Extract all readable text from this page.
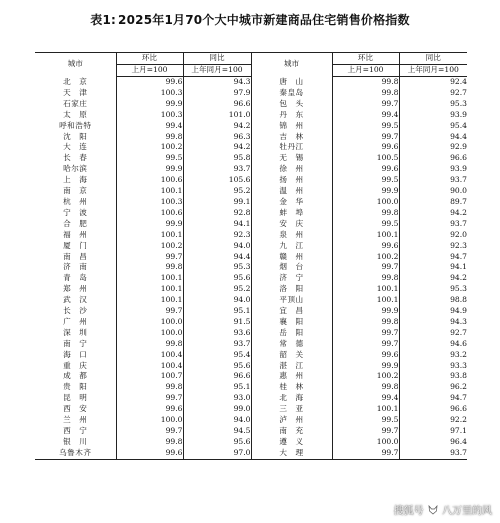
表1: 2025年1月70个大中城市新建商品住宅销售价格指数
城市	环比	同比	城市	环比	同比
	上月=100	上年同月=100		上月=100	上年同月=100
北　京	99.6	94.3	唐　山	99.8	92.4
天　津	100.3	97.9	秦皇岛	99.8	92.7
石家庄	99.9	96.6	包　头	99.7	95.3
太　原	100.3	101.0	丹　东	99.4	93.9
呼和浩特	99.4	94.2	锦　州	99.5	95.4
沈　阳	99.8	96.3	吉　林	99.7	94.4
大　连	100.2	94.2	牡丹江	99.6	92.9
长　春	99.5	95.8	无　锡	100.5	96.6
哈尔滨	99.9	93.7	徐　州	99.6	93.9
上　海	100.6	105.6	扬　州	99.5	93.7
南　京	100.1	95.2	温　州	99.9	90.0
杭　州	100.3	99.1	金　华	100.0	89.7
宁　波	100.6	92.8	蚌　埠	99.8	94.2
合　肥	99.9	94.1	安　庆	99.5	93.7
福　州	100.1	92.3	泉　州	100.1	92.0
厦　门	100.2	94.0	九　江	99.6	92.3
南　昌	99.7	94.4	赣　州	100.2	94.7
济　南	99.8	95.3	烟　台	99.7	94.1
青　岛	100.1	95.6	济　宁	99.8	94.2
郑　州	100.1	95.2	洛　阳	100.1	95.3
武　汉	100.1	94.0	平顶山	100.1	98.8
长　沙	99.7	95.1	宜　昌	99.9	94.9
广　州	100.0	91.5	襄　阳	99.8	94.3
深　圳	100.0	93.6	岳　阳	99.7	92.7
南　宁	99.8	93.7	常　德	99.7	94.6
海　口	100.4	95.4	韶　关	99.6	93.2
重　庆	100.4	95.6	湛　江	99.9	93.3
成　都	100.7	96.6	惠　州	100.2	93.8
贵　阳	99.8	95.1	桂　林	99.8	96.2
昆　明	99.7	93.0	北　海	99.4	94.7
西　安	99.6	99.0	三　亚	100.1	96.6
兰　州	100.0	94.0	泸　州	99.5	92.2
西　宁	99.7	94.5	南　充	99.7	97.1
银　川	99.8	95.6	遵　义	100.0	96.4
乌鲁木齐	99.6	97.0	大　理	99.7	93.7
搜狐号 八万里的风
